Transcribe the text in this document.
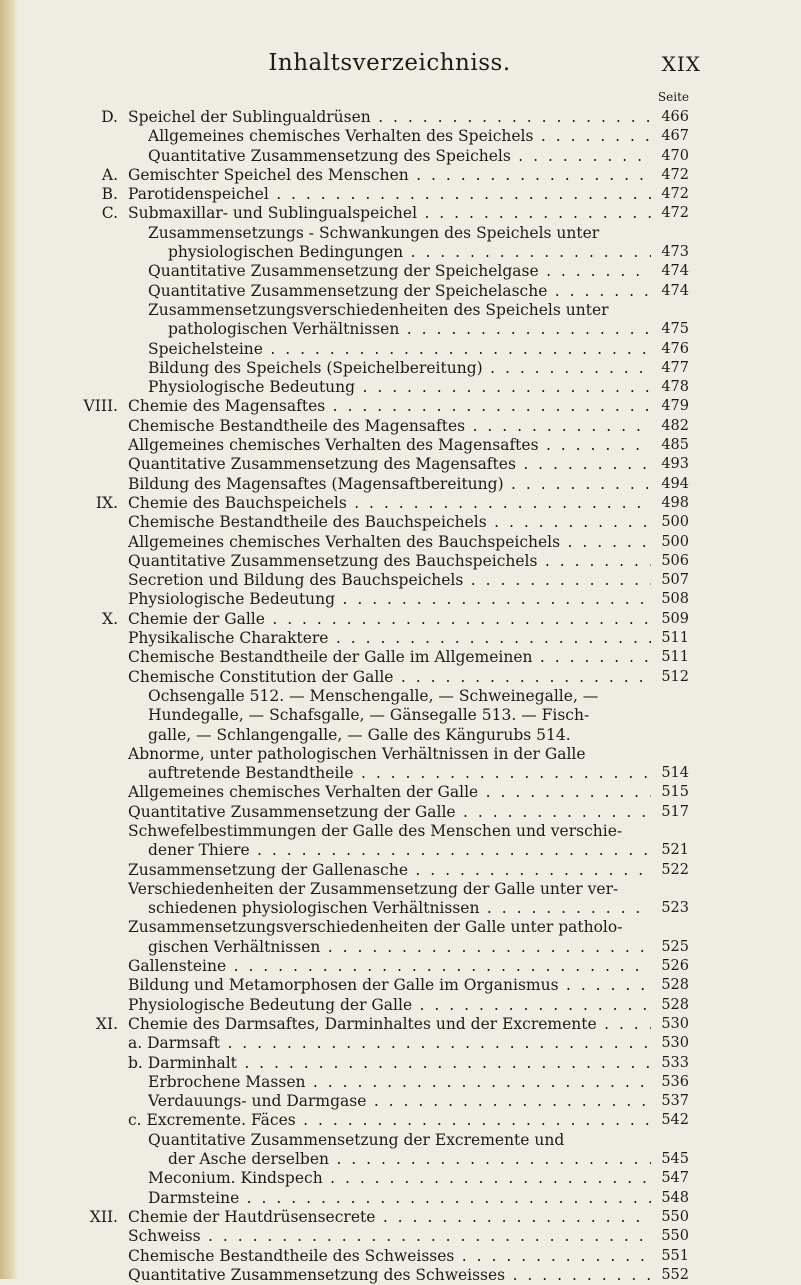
Inhaltsverzeichniss.	XIX
Seite
D. Speichel der Sublingualdrüsen . . .	466
Allgemeines chemisches Verhalten des Speichels . . .	467
Quantitative Zusammensetzung des Speichels . . .	470
A. Gemischter Speichel des Menschen . . .	472
B. Parotidenspeichel . . .	472
C. Submaxillar- und Sublingualspeichel . . .	472
Zusammensetzungs - Schwankungen des Speichels unter
physiologischen Bedingungen . . .	473
Quantitative Zusammensetzung der Speichelgase . . .	474
Quantitative Zusammensetzung der Speichelasche . . .	474
Zusammensetzungsverschiedenheiten des Speichels unter
pathologischen Verhältnissen . . .	475
Speichelsteine . . .	476
Bildung des Speichels (Speichelbereitung) . . .	477
Physiologische Bedeutung . . .	478
VIII. Chemie des Magensaftes . . .	479
Chemische Bestandtheile des Magensaftes . . .	482
Allgemeines chemisches Verhalten des Magensaftes . . .	485
Quantitative Zusammensetzung des Magensaftes . . .	493
Bildung des Magensaftes (Magensaftbereitung) . . .	494
IX. Chemie des Bauchspeichels . . .	498
Chemische Bestandtheile des Bauchspeichels . . .	500
Allgemeines chemisches Verhalten des Bauchspeichels . . .	500
Quantitative Zusammensetzung des Bauchspeichels . . .	506
Secretion und Bildung des Bauchspeichels . . .	507
Physiologische Bedeutung . . .	508
X. Chemie der Galle . . .	509
Physikalische Charaktere . . .	511
Chemische Bestandtheile der Galle im Allgemeinen . . .	511
Chemische Constitution der Galle . . .	512
Ochsengalle 512. — Menschengalle, — Schweinegalle, —
Hundegalle, — Schafsgalle, — Gänsegalle 513. — Fisch-
galle, — Schlangengalle, — Galle des Kängurubs 514.
Abnorme, unter pathologischen Verhältnissen in der Galle
auftretende Bestandtheile . . .	514
Allgemeines chemisches Verhalten der Galle . . .	515
Quantitative Zusammensetzung der Galle . . .	517
Schwefelbestimmungen der Galle des Menschen und verschie-
dener Thiere . . .	521
Zusammensetzung der Gallenasche . . .	522
Verschiedenheiten der Zusammensetzung der Galle unter ver-
schiedenen physiologischen Verhältnissen . . .	523
Zusammensetzungsverschiedenheiten der Galle unter patholo-
gischen Verhältnissen . . .	525
Gallensteine . . .	526
Bildung und Metamorphosen der Galle im Organismus . . .	528
Physiologische Bedeutung der Galle . . .	528
XI. Chemie des Darmsaftes, Darminhaltes und der Excremente . . .	530
a. Darmsaft . . .	530
b. Darminhalt . . .	533
Erbrochene Massen . . .	536
Verdauungs- und Darmgase . . .	537
c. Excremente. Fäces . . .	542
Quantitative Zusammensetzung der Excremente und
der Asche derselben . . .	545
Meconium. Kindspech . . .	547
Darmsteine . . .	548
XII. Chemie der Hautdrüsensecrete . . .	550
Schweiss . . .	550
Chemische Bestandtheile des Schweisses . . .	551
Quantitative Zusammensetzung des Schweisses . . .	552
